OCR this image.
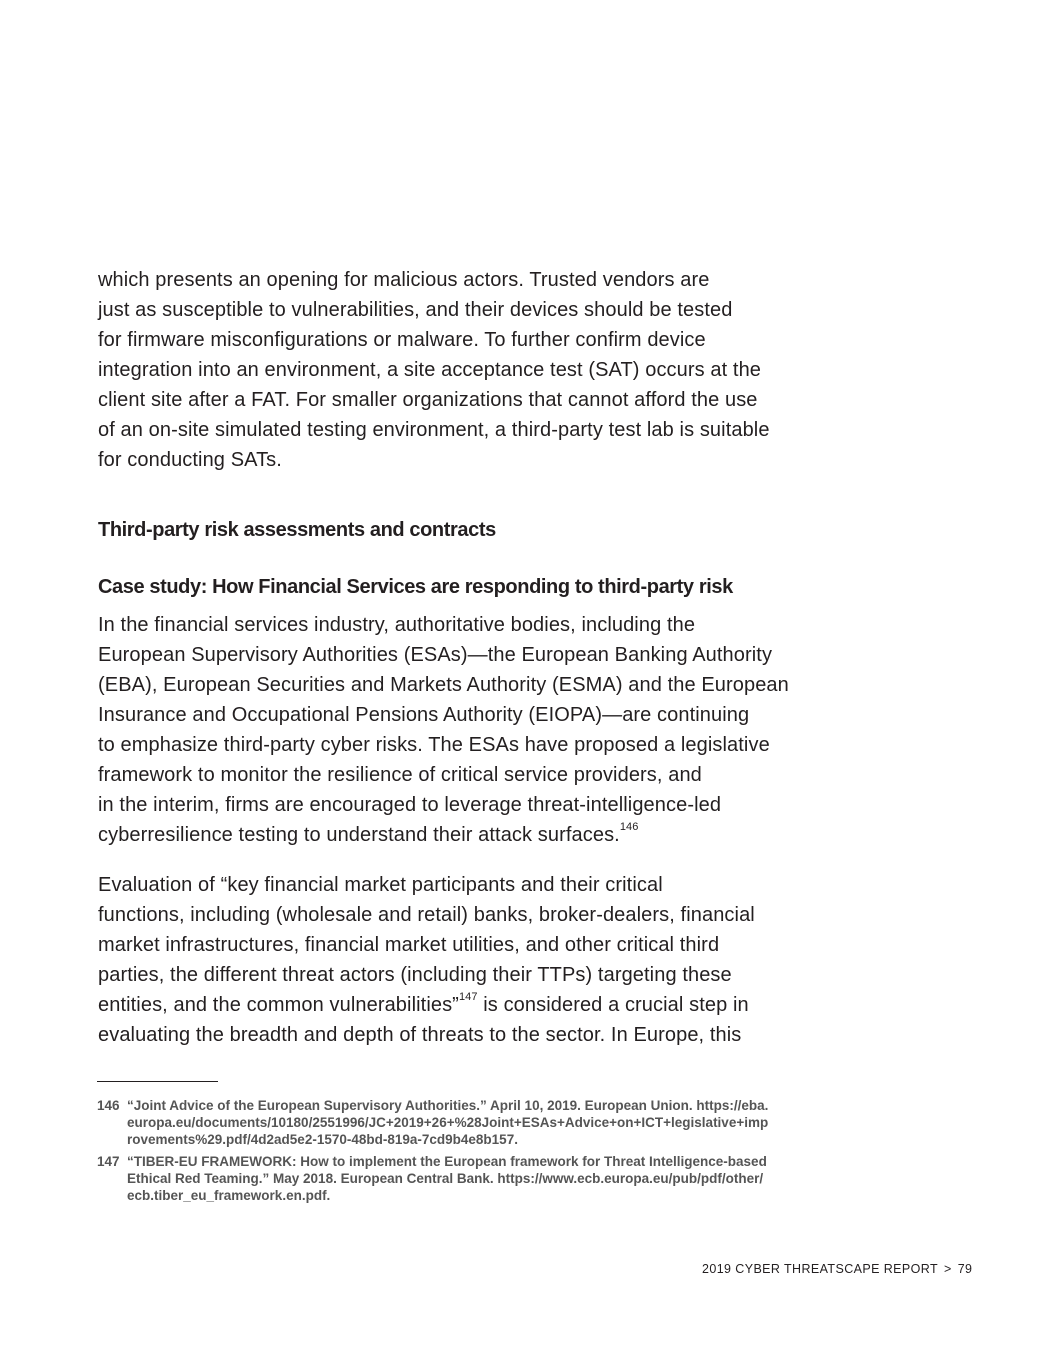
which presents an opening for malicious actors. Trusted vendors are
just as susceptible to vulnerabilities, and their devices should be tested
for firmware misconfigurations or malware. To further confirm device
integration into an environment, a site acceptance test (SAT) occurs at the
client site after a FAT. For smaller organizations that cannot afford the use
of an on-site simulated testing environment, a third-party test lab is suitable
for conducting SATs.

Third-party risk assessments and contracts
Case study: How Financial Services are responding to third-party risk

In the financial services industry, authoritative bodies, including the
European Supervisory Authorities (ESAs)—the European Banking Authority
(EBA), European Securities and Markets Authority (ESMA) and the European
Insurance and Occupational Pensions Authority (EIOPA)—are continuing
to emphasize third-party cyber risks. The ESAs have proposed a legislative
framework to monitor the resilience of critical service providers, and
in the interim, firms are encouraged to leverage threat-intelligence-led
cyberresilience testing to understand their attack surfaces.$^{146}$

Evaluation of “key financial market participants and their critical
functions, including (wholesale and retail) banks, broker-dealers, financial
market infrastructures, financial market utilities, and other critical third
parties, the different threat actors (including their TTPs) targeting these
entities, and the common vulnerabilities”$^{147}$ is considered a crucial step in
evaluating the breadth and depth of threats to the sector. In Europe, this

146 “Joint Advice of the European Supervisory Authorities.” April 10, 2019. European Union. https://eba.
europa.eu/documents/10180/2551996/JC+2019+26+%28Joint+ESAs+Advice+on+ICT+legislative+imp
rovements%29.pdf/4d2ad5e2-1570-48bd-819a-7cd9b4e8b157.
147 “TIBER-EU FRAMEWORK: How to implement the European framework for Threat Intelligence-based
Ethical Red Teaming.” May 2018. European Central Bank. https://www.ecb.europa.eu/pub/pdf/other/
ecb.tiber_eu_framework.en.pdf.
2019 CYBER THREATSCAPE REPORT > 79
